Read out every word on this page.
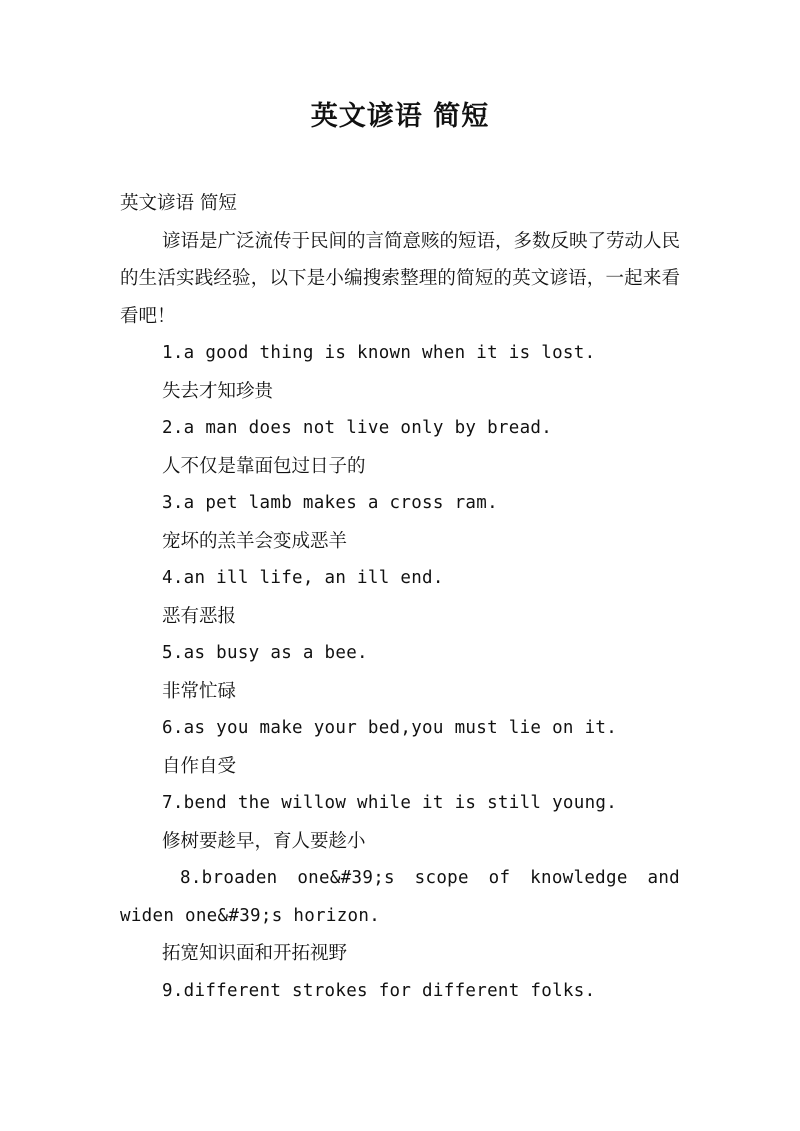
英文谚语 简短
英文谚语 简短
谚语是广泛流传于民间的言简意赅的短语，多数反映了劳动人民的生活实践经验，以下是小编搜索整理的简短的英文谚语，一起来看看吧！
1.a good thing is known when it is lost.
失去才知珍贵
2.a man does not live only by bread.
人不仅是靠面包过日子的
3.a pet lamb makes a cross ram.
宠坏的羔羊会变成恶羊
4.an ill life, an ill end.
恶有恶报
5.as busy as a bee.
非常忙碌
6.as you make your bed,you must lie on it.
自作自受
7.bend the willow while it is still young.
修树要趁早，育人要趁小
8.broaden one&#39;s scope of knowledge and
widen one&#39;s horizon.
拓宽知识面和开拓视野
9.different strokes for different folks.
